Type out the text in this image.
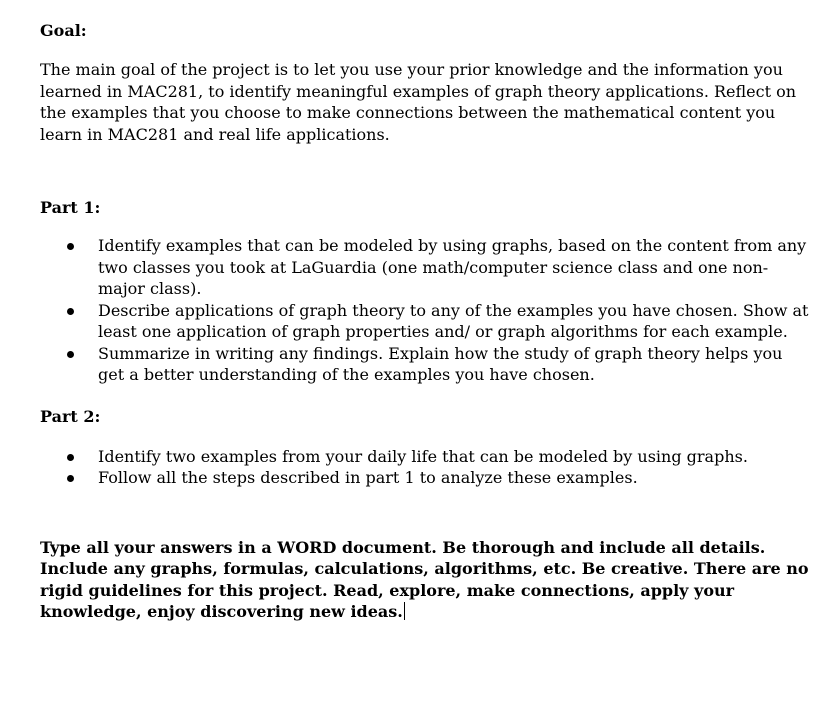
Goal:

The main goal of the project is to let you use your prior knowledge and the information you learned in MAC281, to identify meaningful examples of graph theory applications. Reflect on the examples that you choose to make connections between the mathematical content you learn in MAC281 and real life applications.

Part 1:

Identify examples that can be modeled by using graphs, based on the content from any two classes you took at LaGuardia (one math/computer science class and one non-major class).
Describe applications of graph theory to any of the examples you have chosen. Show at least one application of graph properties and/ or graph algorithms for each example.
Summarize in writing any findings. Explain how the study of graph theory helps you get a better understanding of the examples you have chosen.

Part 2:

Identify two examples from your daily life that can be modeled by using graphs.
Follow all the steps described in part 1 to analyze these examples.

Type all your answers in a WORD document. Be thorough and include all details. Include any graphs, formulas, calculations, algorithms, etc. Be creative. There are no rigid guidelines for this project. Read, explore, make connections, apply your knowledge, enjoy discovering new ideas.
